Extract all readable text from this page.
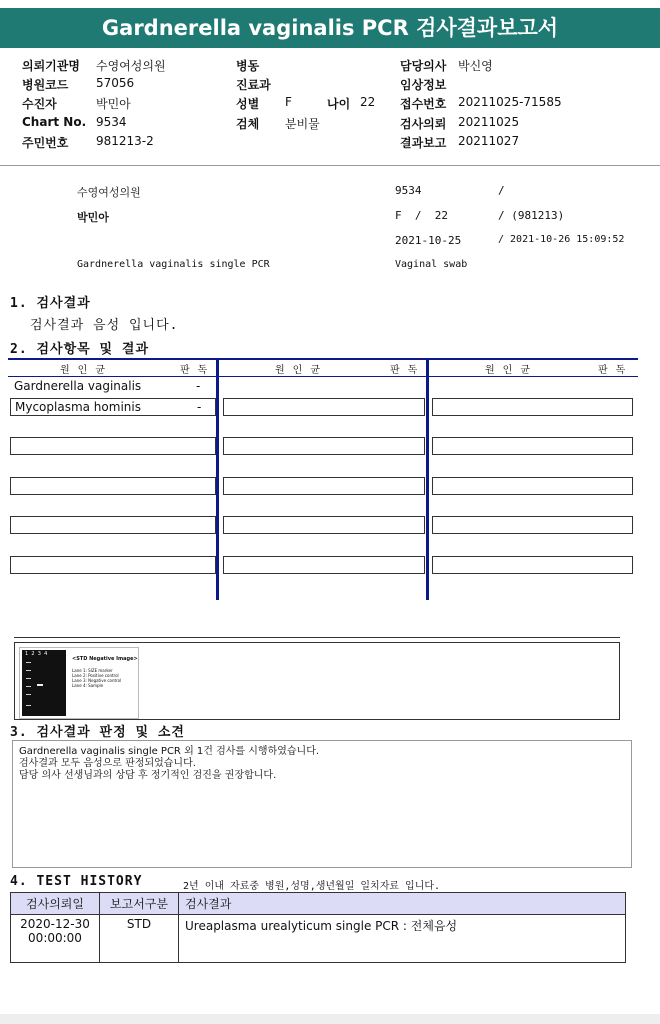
Gardnerella vaginalis PCR 검사결과보고서
의뢰기관명 수영여성의원
병원코드 57056
수진자	박민아
Chart No. 9534
주민번호 981213-2
병동
진료과
성별 F	나이 22
검체 분비물
담당의사 박신영
임상정보
접수번호 20211025-71585
검사의뢰 20211025
결과보고 20211027
수영여성의원	9534	/
박민아	F  /  22	/ (981213)
2021-10-25	/ 2021-10-26 15:09:52
Gardnerella vaginalis single PCR	Vaginal swab
1. 검사결과
검사결과 음성 입니다.
2. 검사항목 및 결과
원인균	판독	원인균	판독	원인균	판독
Gardnerella vaginalis	-
Mycoplasma hominis	-
1  2  3  4
<STD Negative Image>
Lane 1: SIZE marker
Lane 2: Positive control
Lane 3: Negative control
Lane 4: Sample
3. 검사결과 판정 및 소견
Gardnerella vaginalis single PCR 외 1건 검사를 시행하였습니다.
검사결과 모두 음성으로 판정되었습니다.
담당 의사 선생님과의 상담 후 정기적인 검진을 권장합니다.
4. TEST HISTORY	2년 이내 자료중 병원,성명,생년월일 일치자료 입니다.
검사의뢰일	보고서구분	검사결과

2020-12-30
00:00:00	STD	Ureaplasma urealyticum single PCR : 전체음성
